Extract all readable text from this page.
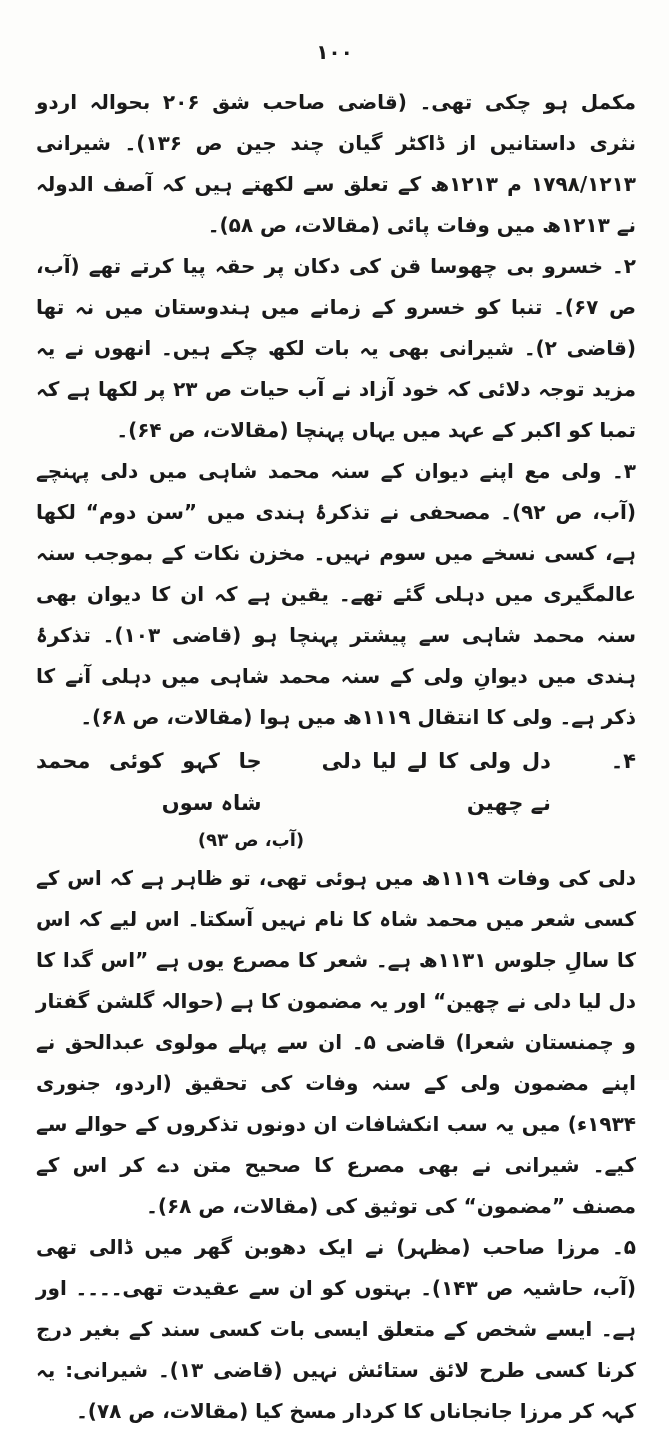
۱۰۰

مکمل ہو چکی تھی۔ (قاضی صاحب شق ۲۰۶ بحوالہ اردو نثری داستانیں از ڈاکٹر گیان چند جین ص ۱۳۶)۔ شیرانی ۱۷۹۸/۱۲۱۳ م ۱۲۱۳ھ کے تعلق سے لکھتے ہیں کہ آصف الدولہ نے ۱۲۱۳ھ میں وفات پائی (مقالات، ص ۵۸)۔

۲۔ خسرو بی چھوسا قن کی دکان پر حقہ پیا کرتے تھے (آب، ص ۶۷)۔ تنبا کو خسرو کے زمانے میں ہندوستان میں نہ تھا (قاضی ۲)۔ شیرانی بھی یہ بات لکھ چکے ہیں۔ انھوں نے یہ مزید توجہ دلائی کہ خود آزاد نے آب حیات ص ۲۳ پر لکھا ہے کہ تمبا کو اکبر کے عہد میں یہاں پہنچا (مقالات، ص ۶۴)۔

۳۔ ولی مع اپنے دیوان کے سنہ محمد شاہی میں دلی پہنچے (آب، ص ۹۲)۔ مصحفی نے تذکرۂ ہندی میں ”سن دوم“ لکھا ہے، کسی نسخے میں سوم نہیں۔ مخزن نکات کے بموجب سنہ عالمگیری میں دہلی گئے تھے۔ یقین ہے کہ ان کا دیوان بھی سنہ محمد شاہی سے پیشتر پہنچا ہو (قاضی ۱۰۳)۔ تذکرۂ ہندی میں دیوانِ ولی کے سنہ محمد شاہی میں دہلی آنے کا ذکر ہے۔ ولی کا انتقال ۱۱۱۹ھ میں ہوا (مقالات، ص ۶۸)۔

۴۔
دل ولی کا لے لیا دلی نے چھین
جا کہو کوئی محمد شاہ سوں
(آب، ص ۹۳)

دلی کی وفات ۱۱۱۹ھ میں ہوئی تھی، تو ظاہر ہے کہ اس کے کسی شعر میں محمد شاہ کا نام نہیں آسکتا۔ اس لیے کہ اس کا سالِ جلوس ۱۱۳۱ھ ہے۔ شعر کا مصرع یوں ہے ”اس گدا کا دل لیا دلی نے چھین“ اور یہ مضمون کا ہے (حوالہ گلشن گفتار و چمنستان شعرا) قاضی ۵۔ ان سے پہلے مولوی عبدالحق نے اپنے مضمون ولی کے سنہ وفات کی تحقیق (اردو، جنوری ۱۹۳۴ء) میں یہ سب انکشافات ان دونوں تذکروں کے حوالے سے کیے۔ شیرانی نے بھی مصرع کا صحیح متن دے کر اس کے مصنف ”مضمون“ کی توثیق کی (مقالات، ص ۶۸)۔

۵۔ مرزا صاحب (مظہر) نے ایک دھوبن گھر میں ڈالی تھی (آب، حاشیہ ص ۱۴۳)۔ بہتوں کو ان سے عقیدت تھی۔۔۔۔ اور ہے۔ ایسے شخص کے متعلق ایسی بات کسی سند کے بغیر درج کرنا کسی طرح لائق ستائش نہیں (قاضی ۱۳)۔ شیرانی: یہ کہہ کر مرزا جانجاناں کا کردار مسخ کیا (مقالات، ص ۷۸)۔
